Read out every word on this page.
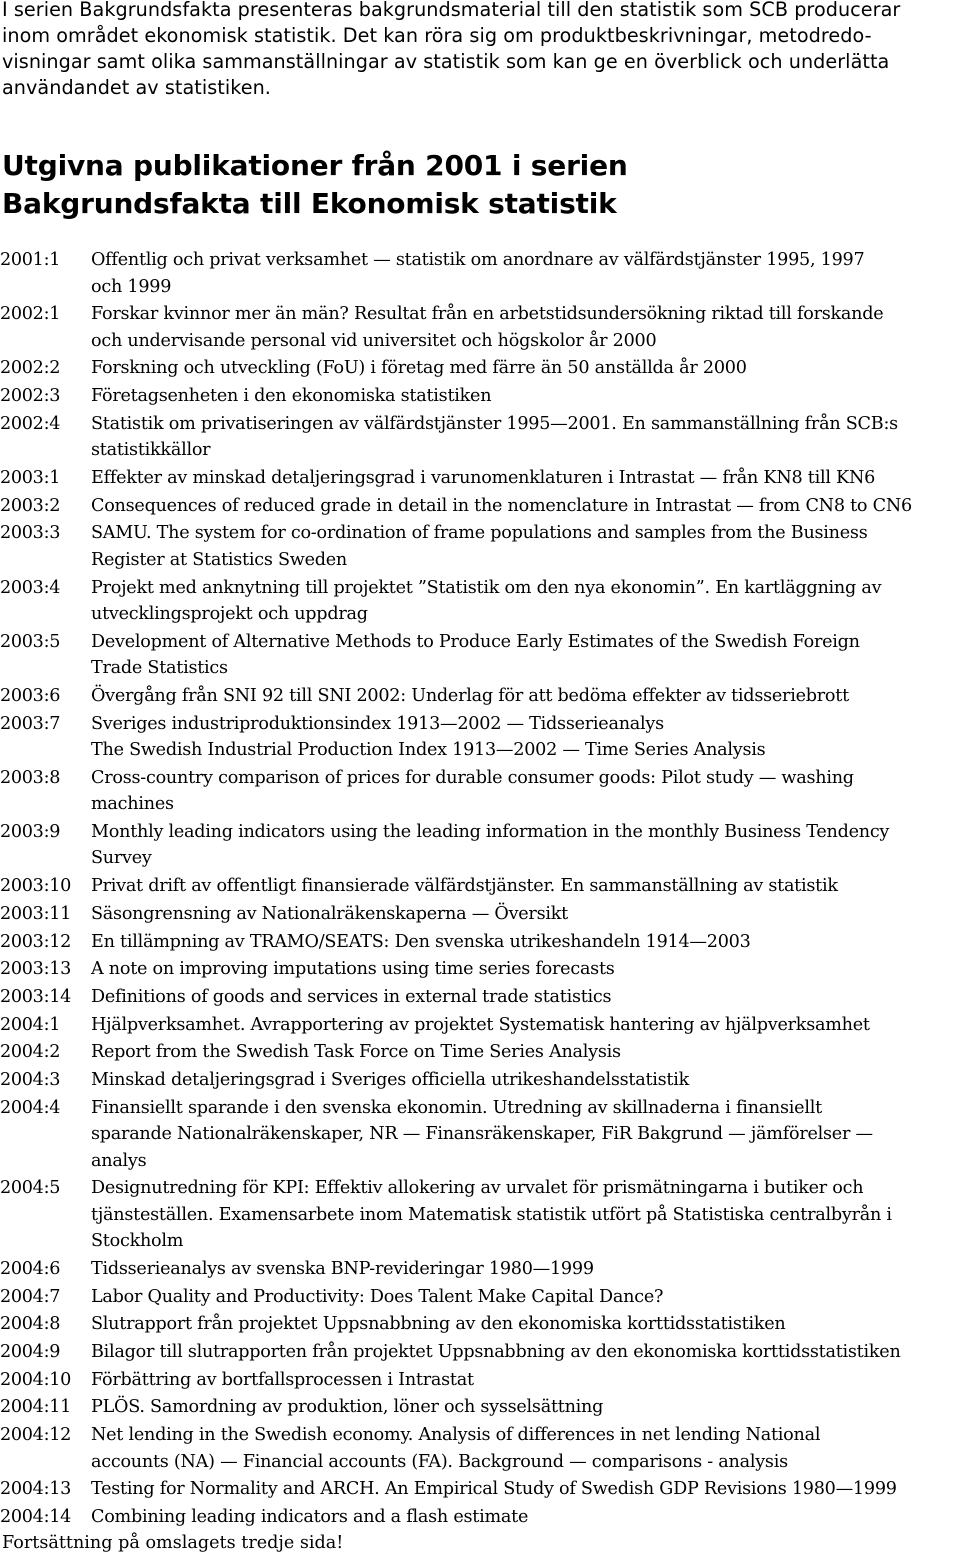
I serien Bakgrundsfakta presenteras bakgrundsmaterial till den statistik som SCB producerar
inom området ekonomisk statistik. Det kan röra sig om produktbeskrivningar, metodredo-
visningar samt olika sammanställningar av statistik som kan ge en överblick och underlätta
användandet av statistiken.
Utgivna publikationer från 2001 i serien
Bakgrundsfakta till Ekonomisk statistik
2001:1	Offentlig och privat verksamhet — statistik om anordnare av välfärdstjänster 1995, 1997
och 1999
2002:1	Forskar kvinnor mer än män? Resultat från en arbetstidsundersökning riktad till forskande
och undervisande personal vid universitet och högskolor år 2000
2002:2	Forskning och utveckling (FoU) i företag med färre än 50 anställda år 2000
2002:3	Företagsenheten i den ekonomiska statistiken
2002:4	Statistik om privatiseringen av välfärdstjänster 1995—2001. En sammanställning från SCB:s
statistikkällor
2003:1	Effekter av minskad detaljeringsgrad i varunomenklaturen i Intrastat — från KN8 till KN6
2003:2	Consequences of reduced grade in detail in the nomenclature in Intrastat — from CN8 to CN6
2003:3	SAMU. The system for co-ordination of frame populations and samples from the Business
Register at Statistics Sweden
2003:4	Projekt med anknytning till projektet ”Statistik om den nya ekonomin”. En kartläggning av
utvecklingsprojekt och uppdrag
2003:5	Development of Alternative Methods to Produce Early Estimates of the Swedish Foreign
Trade Statistics
2003:6	Övergång från SNI 92 till SNI 2002: Underlag för att bedöma effekter av tidsseriebrott
2003:7	Sveriges industriproduktionsindex 1913—2002 — Tidsserieanalys
The Swedish Industrial Production Index 1913—2002 — Time Series Analysis
2003:8	Cross-country comparison of prices for durable consumer goods: Pilot study — washing
machines
2003:9	Monthly leading indicators using the leading information in the monthly Business Tendency
Survey
2003:10	Privat drift av offentligt finansierade välfärdstjänster. En sammanställning av statistik
2003:11	Säsongrensning av Nationalräkenskaperna — Översikt
2003:12	En tillämpning av TRAMO/SEATS: Den svenska utrikeshandeln 1914—2003
2003:13	A note on improving imputations using time series forecasts
2003:14	Definitions of goods and services in external trade statistics
2004:1	Hjälpverksamhet. Avrapportering av projektet Systematisk hantering av hjälpverksamhet
2004:2	Report from the Swedish Task Force on Time Series Analysis
2004:3	Minskad detaljeringsgrad i Sveriges officiella utrikeshandelsstatistik
2004:4	Finansiellt sparande i den svenska ekonomin. Utredning av skillnaderna i finansiellt
sparande Nationalräkenskaper, NR — Finansräkenskaper, FiR Bakgrund — jämförelser —
analys
2004:5	Designutredning för KPI: Effektiv allokering av urvalet för prismätningarna i butiker och
tjänsteställen. Examensarbete inom Matematisk statistik utfört på Statistiska centralbyrån i
Stockholm
2004:6	Tidsserieanalys av svenska BNP-revideringar 1980—1999
2004:7	Labor Quality and Productivity: Does Talent Make Capital Dance?
2004:8	Slutrapport från projektet Uppsnabbning av den ekonomiska korttidsstatistiken
2004:9	Bilagor till slutrapporten från projektet Uppsnabbning av den ekonomiska korttidsstatistiken
2004:10	Förbättring av bortfallsprocessen i Intrastat
2004:11	PLÖS. Samordning av produktion, löner och sysselsättning
2004:12	Net lending in the Swedish economy. Analysis of differences in net lending National
accounts (NA) — Financial accounts (FA). Background — comparisons - analysis
2004:13	Testing for Normality and ARCH. An Empirical Study of Swedish GDP Revisions 1980—1999
2004:14	Combining leading indicators and a flash estimate
Fortsättning på omslagets tredje sida!
